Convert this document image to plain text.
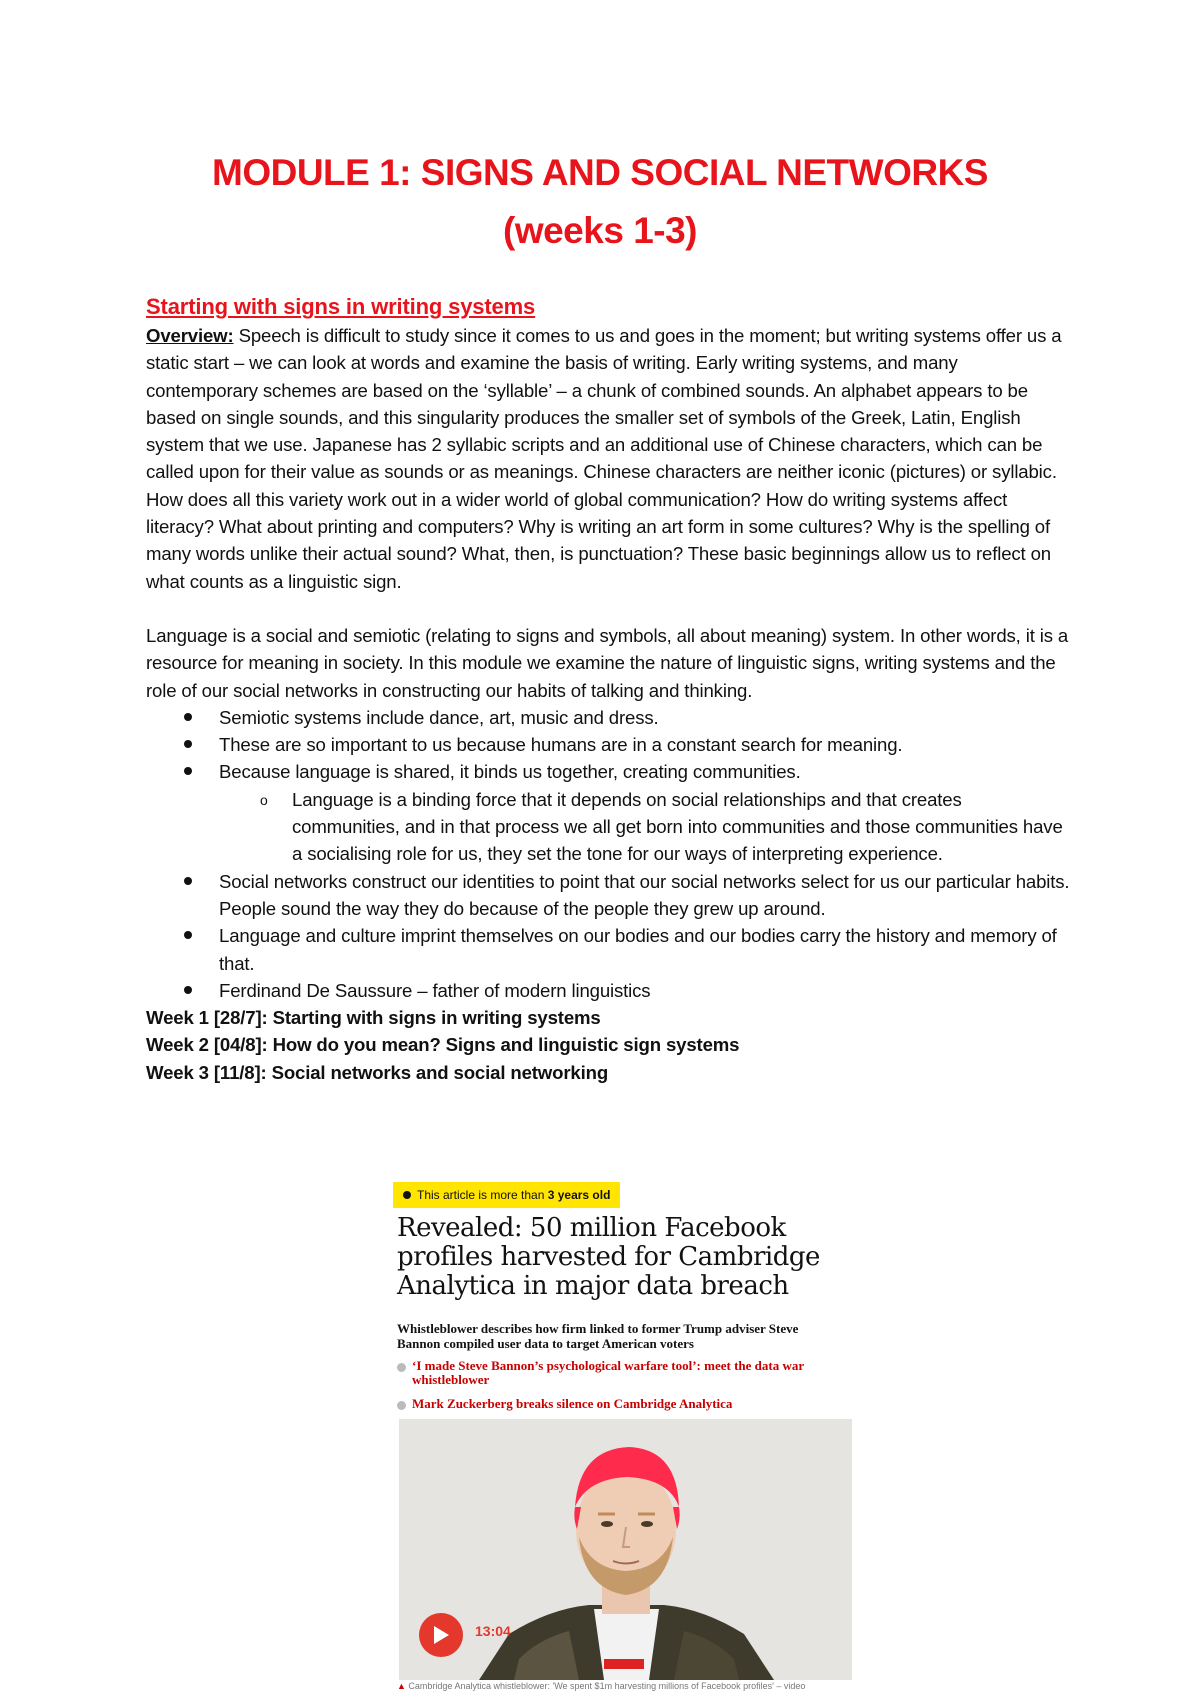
MODULE 1: SIGNS AND SOCIAL NETWORKS
(weeks 1-3)
Starting with signs in writing systems

Overview: Speech is difficult to study since it comes to us and goes in the moment; but writing systems offer us a static start – we can look at words and examine the basis of writing. Early writing systems, and many contemporary schemes are based on the ‘syllable’ – a chunk of combined sounds. An alphabet appears to be based on single sounds, and this singularity produces the smaller set of symbols of the Greek, Latin, English system that we use. Japanese has 2 syllabic scripts and an additional use of Chinese characters, which can be called upon for their value as sounds or as meanings. Chinese characters are neither iconic (pictures) or syllabic. How does all this variety work out in a wider world of global communication? How do writing systems affect literacy? What about printing and computers? Why is writing an art form in some cultures? Why is the spelling of many words unlike their actual sound? What, then, is punctuation? These basic beginnings allow us to reflect on what counts as a linguistic sign.

Language is a social and semiotic (relating to signs and symbols, all about meaning) system. In other words, it is a resource for meaning in society. In this module we examine the nature of linguistic signs, writing systems and the role of our social networks in constructing our habits of talking and thinking.

Semiotic systems include dance, art, music and dress.
These are so important to us because humans are in a constant search for meaning.
Because language is shared, it binds us together, creating communities.
o Language is a binding force that it depends on social relationships and that creates communities, and in that process we all get born into communities and those communities have a socialising role for us, they set the tone for our ways of interpreting experience.
Social networks construct our identities to point that our social networks select for us our particular habits. People sound the way they do because of the people they grew up around.
Language and culture imprint themselves on our bodies and our bodies carry the history and memory of that.
Ferdinand De Saussure – father of modern linguistics

Week 1 [28/7]: Starting with signs in writing systems

Week 2 [04/8]: How do you mean? Signs and linguistic sign systems

Week 3 [11/8]: Social networks and social networking

This article is more than 3 years old
Revealed: 50 million Facebook profiles harvested for Cambridge Analytica in major data breach
Whistleblower describes how firm linked to former Trump adviser Steve Bannon compiled user data to target American voters
‘I made Steve Bannon’s psychological warfare tool’: meet the data war whistleblower
Mark Zuckerberg breaks silence on Cambridge Analytica
13:04
▲ Cambridge Analytica whistleblower: 'We spent $1m harvesting millions of Facebook profiles' – video
